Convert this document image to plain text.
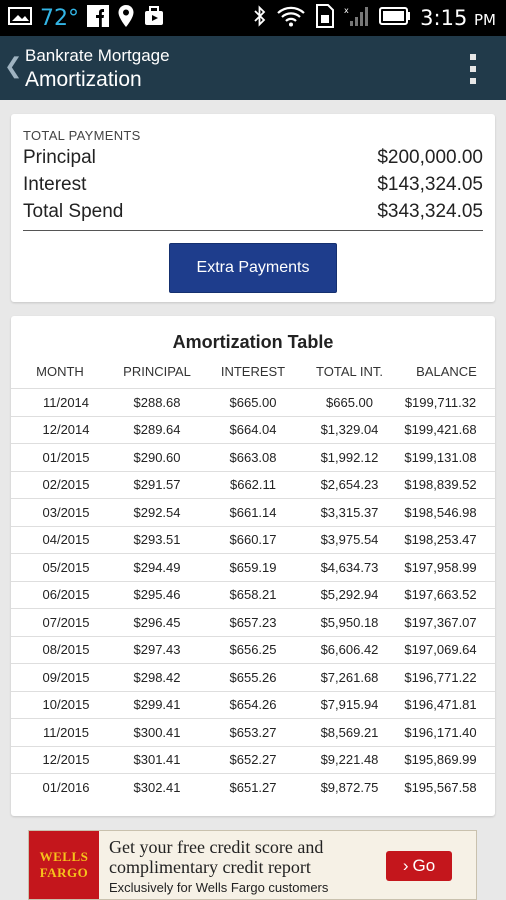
72°	x	3:15 PM
❮ Bankrate Mortgage
Amortization
TOTAL PAYMENTS
Principal	$200,000.00
Interest	$143,324.05
Total Spend	$343,324.05
Extra Payments
Amortization Table
MONTH	PRINCIPAL	INTEREST	TOTAL INT.	BALANCE
11/2014	$288.68	$665.00	$665.00	$199,711.32
12/2014	$289.64	$664.04	$1,329.04	$199,421.68
01/2015	$290.60	$663.08	$1,992.12	$199,131.08
02/2015	$291.57	$662.11	$2,654.23	$198,839.52
03/2015	$292.54	$661.14	$3,315.37	$198,546.98
04/2015	$293.51	$660.17	$3,975.54	$198,253.47
05/2015	$294.49	$659.19	$4,634.73	$197,958.99
06/2015	$295.46	$658.21	$5,292.94	$197,663.52
07/2015	$296.45	$657.23	$5,950.18	$197,367.07
08/2015	$297.43	$656.25	$6,606.42	$197,069.64
09/2015	$298.42	$655.26	$7,261.68	$196,771.22
10/2015	$299.41	$654.26	$7,915.94	$196,471.81
11/2015	$300.41	$653.27	$8,569.21	$196,171.40
12/2015	$301.41	$652.27	$9,221.48	$195,869.99
01/2016	$302.41	$651.27	$9,872.75	$195,567.58
WELLS
FARGO
Get your free credit score and
complimentary credit report
Exclusively for Wells Fargo customers
› Go
